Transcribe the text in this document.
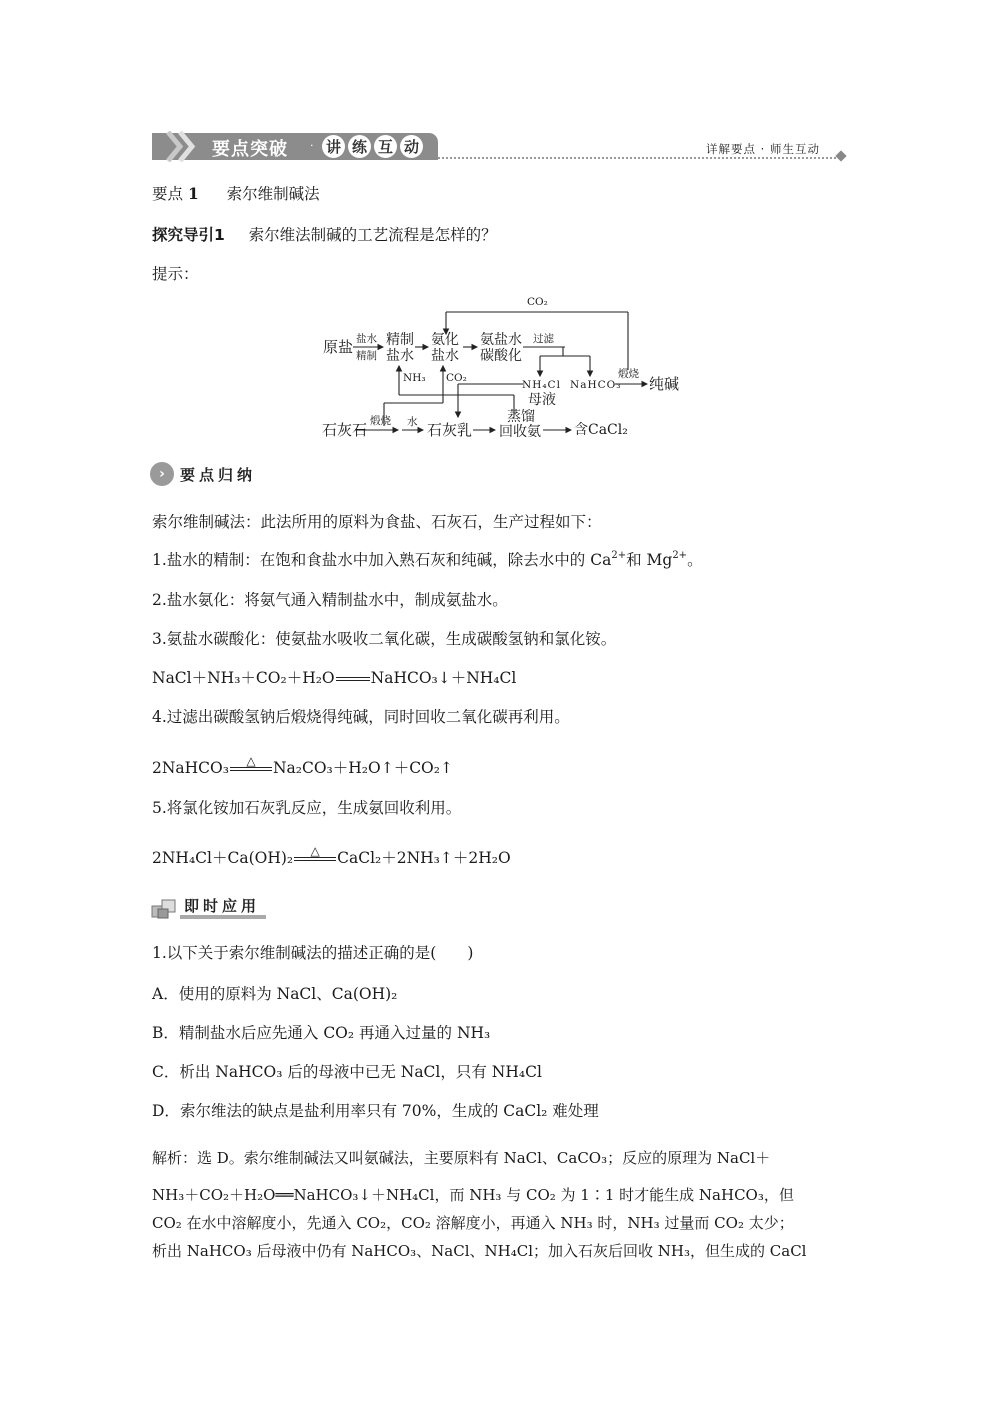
要点突破 · 讲 练 互 动	详解要点 · 师生互动
要点 1 索尔维制碱法
探究导引1 索尔维法制碱的工艺流程是怎样的？
提示：
CO₂
原盐 盐水
精制
精制
盐水
氨化
盐水
氨盐水
碳酸化
过滤
NH₃ CO₂
NH₄Cl
母液
NaHCO₃
煅烧
纯碱
石灰石 煅烧 水 石灰乳
蒸馏
回收氨 含CaCl₂
›	要点归纳
索尔维制碱法：此法所用的原料为食盐、石灰石，生产过程如下：
1.盐水的精制：在饱和食盐水中加入熟石灰和纯碱，除去水中的 $Ca^{2+}$和 $Mg^{2+}$。
2.盐水氨化：将氨气通入精制盐水中，制成氨盐水。
3.氨盐水碳酸化：使氨盐水吸收二氧化碳，生成碳酸氢钠和氯化铵。
NaCl＋NH₃＋CO₂＋H₂O NaHCO₃↓＋NH₄Cl
4.过滤出碳酸氢钠后煅烧得纯碱，同时回收二氧化碳再利用。
2NaHCO₃	△	Na₂CO₃＋H₂O↑＋CO₂↑
5.将氯化铵加石灰乳反应，生成氨回收利用。
2NH₄Cl＋Ca(OH)₂	△	CaCl₂＋2NH₃↑＋2H₂O
即时应用
1.以下关于索尔维制碱法的描述正确的是(　　)
A．使用的原料为 NaCl、Ca(OH)₂
B．精制盐水后应先通入 CO₂ 再通入过量的 NH₃
C．析出 NaHCO₃ 后的母液中已无 NaCl，只有 NH₄Cl
D．索尔维法的缺点是盐利用率只有 70%，生成的 CaCl₂ 难处理
解析：选 D。索尔维制碱法又叫氨碱法，主要原料有 NaCl、CaCO₃；反应的原理为 NaCl＋
NH₃＋CO₂＋H₂O══NaHCO₃↓＋NH₄Cl，而 NH₃ 与 CO₂ 为 1∶1 时才能生成 NaHCO₃，但
CO₂ 在水中溶解度小，先通入 CO₂，CO₂ 溶解度小，再通入 NH₃ 时，NH₃ 过量而 CO₂ 太少；
析出 NaHCO₃ 后母液中仍有 NaHCO₃、NaCl、NH₄Cl；加入石灰后回收 NH₃，但生成的 CaCl
